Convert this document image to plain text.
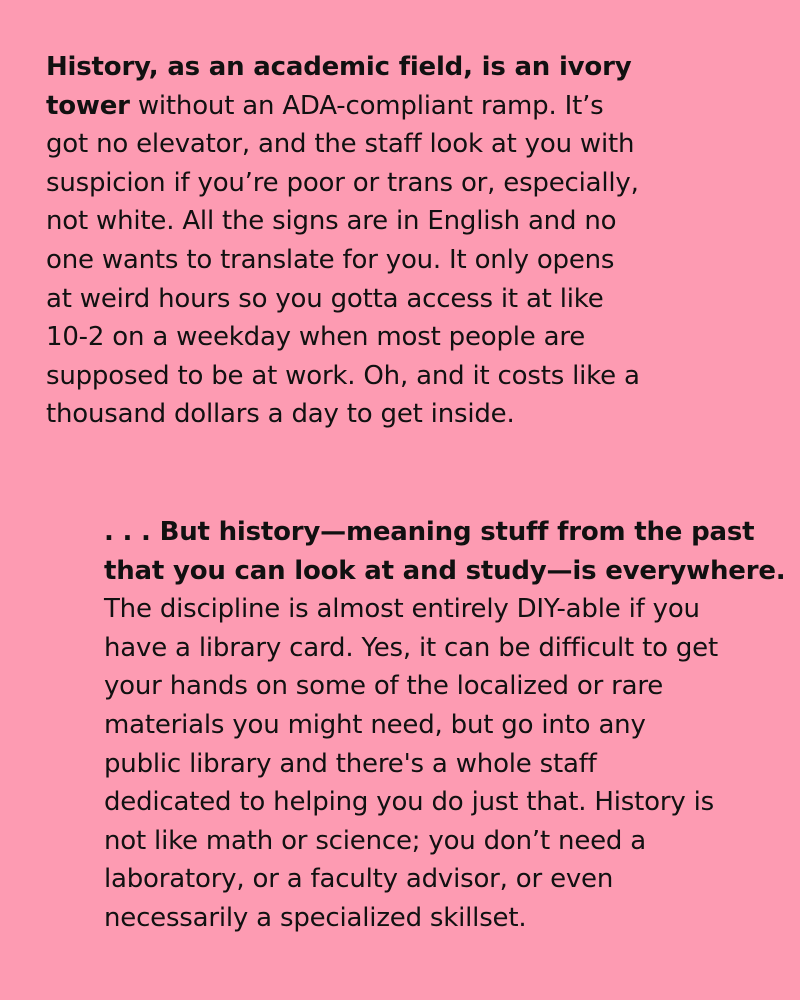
History, as an academic field, is an ivory
tower without an ADA-compliant ramp. It’s
got no elevator, and the staff look at you with
suspicion if you’re poor or trans or, especially,
not white. All the signs are in English and no
one wants to translate for you. It only opens
at weird hours so you gotta access it at like
10-2 on a weekday when most people are
supposed to be at work. Oh, and it costs like a
thousand dollars a day to get inside.

. . . But history—meaning stuff from the past
that you can look at and study—is everywhere.
The discipline is almost entirely DIY-able if you
have a library card. Yes, it can be difficult to get
your hands on some of the localized or rare
materials you might need, but go into any
public library and there's a whole staff
dedicated to helping you do just that. History is
not like math or science; you don’t need a
laboratory, or a faculty advisor, or even
necessarily a specialized skillset.
